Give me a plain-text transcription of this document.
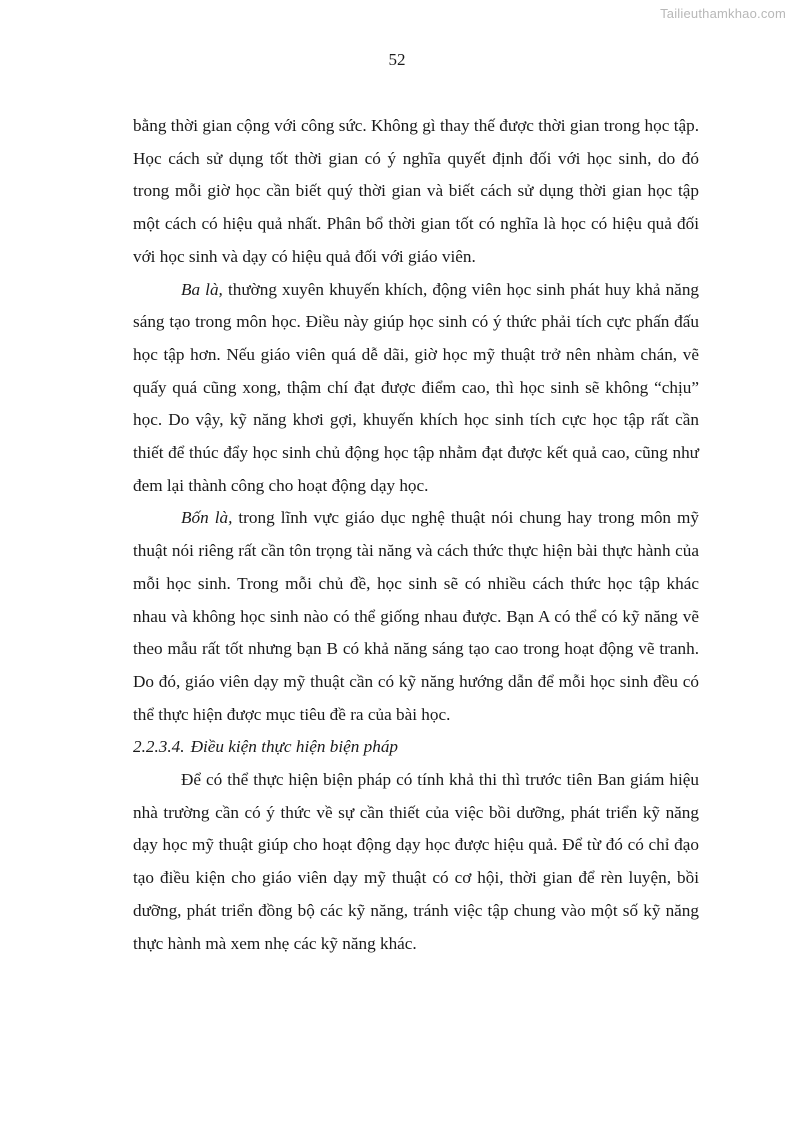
Tailieuthamkhao.com
52

bằng thời gian cộng với công sức. Không gì thay thế được thời gian trong học tập. Học cách sử dụng tốt thời gian có ý nghĩa quyết định đối với học sinh, do đó trong mỗi giờ học cần biết quý thời gian và biết cách sử dụng thời gian học tập một cách có hiệu quả nhất. Phân bổ thời gian tốt có nghĩa là học có hiệu quả đối với học sinh và dạy có hiệu quả đối với giáo viên.

Ba là, thường xuyên khuyến khích, động viên học sinh phát huy khả năng sáng tạo trong môn học. Điều này giúp học sinh có ý thức phải tích cực phấn đấu học tập hơn. Nếu giáo viên quá dễ dãi, giờ học mỹ thuật trở nên nhàm chán, vẽ quấy quá cũng xong, thậm chí đạt được điểm cao, thì học sinh sẽ không “chịu” học. Do vậy, kỹ năng khơi gợi, khuyến khích học sinh tích cực học tập rất cần thiết để thúc đẩy học sinh chủ động học tập nhằm đạt được kết quả cao, cũng như đem lại thành công cho hoạt động dạy học.

Bốn là, trong lĩnh vực giáo dục nghệ thuật nói chung hay trong môn mỹ thuật nói riêng rất cần tôn trọng tài năng và cách thức thực hiện bài thực hành của mỗi học sinh. Trong mỗi chủ đề, học sinh sẽ có nhiều cách thức học tập khác nhau và không học sinh nào có thể giống nhau được. Bạn A có thể có kỹ năng vẽ theo mẫu rất tốt nhưng bạn B có khả năng sáng tạo cao trong hoạt động vẽ tranh. Do đó, giáo viên dạy mỹ thuật cần có kỹ năng hướng dẫn để mỗi học sinh đều có thể thực hiện được mục tiêu đề ra của bài học.

2.2.3.4. Điều kiện thực hiện biện pháp

Để có thể thực hiện biện pháp có tính khả thi thì trước tiên Ban giám hiệu nhà trường cần có ý thức về sự cần thiết của việc bồi dưỡng, phát triển kỹ năng dạy học mỹ thuật giúp cho hoạt động dạy học được hiệu quả. Để từ đó có chỉ đạo tạo điều kiện cho giáo viên dạy mỹ thuật có cơ hội, thời gian để rèn luyện, bồi dưỡng, phát triển đồng bộ các kỹ năng, tránh việc tập chung vào một số kỹ năng thực hành mà xem nhẹ các kỹ năng khác.
